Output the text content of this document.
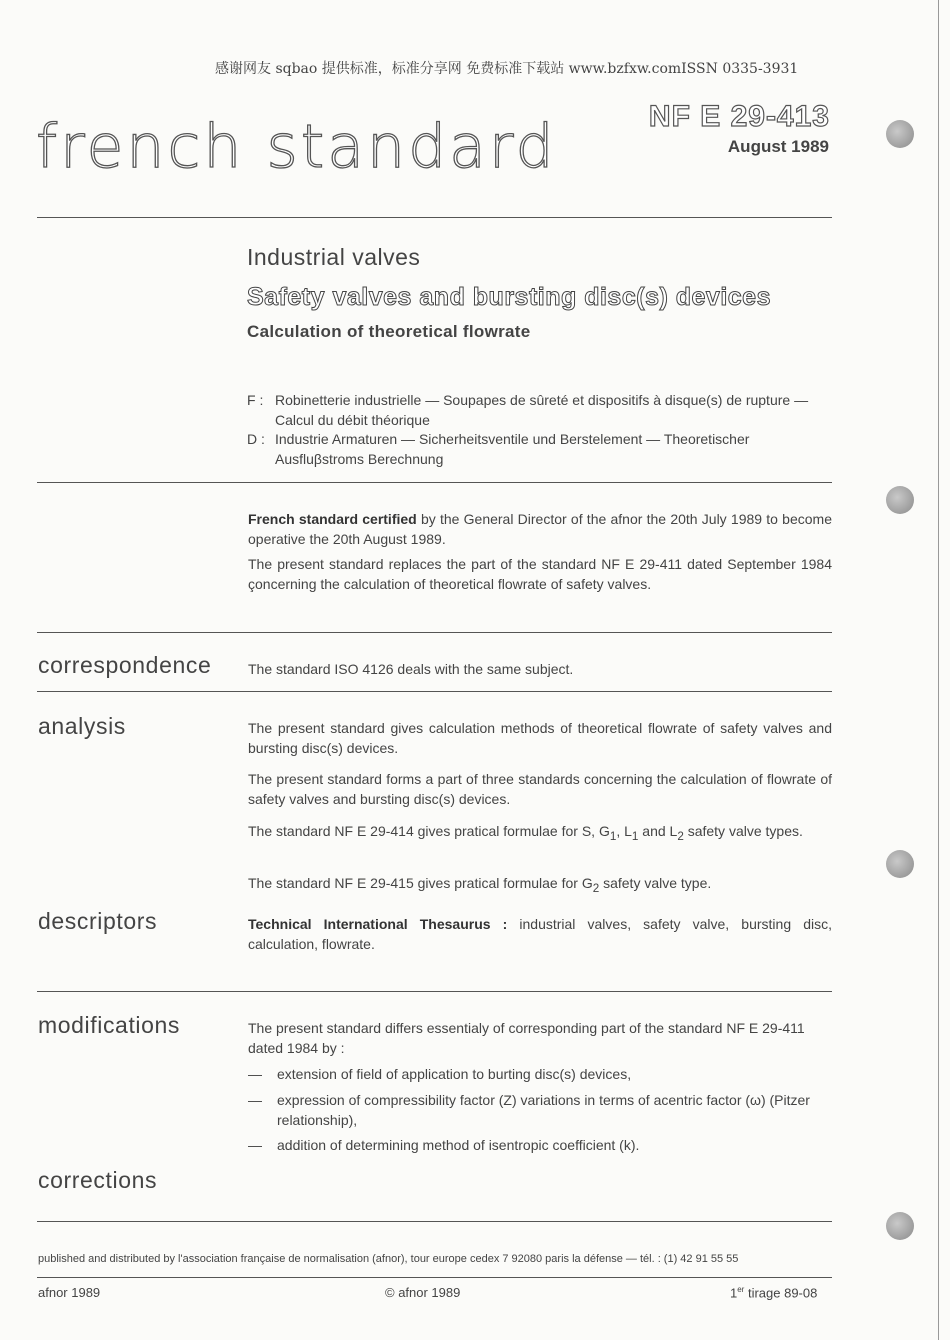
感谢网友 sqbao 提供标准，标准分享网 免费标准下载站 www.bzfxw.comISSN 0335-3931
french standard	NF E 29-413
August 1989
Industrial valves
Safety valves and bursting disc(s) devices
Calculation of theoretical flowrate
F : Robinetterie industrielle — Soupapes de sûreté et dispositifs à disque(s) de rupture — Calcul du débit théorique
D : Industrie Armaturen — Sicherheitsventile und Berstelement — Theoretischer Ausfluβstroms Berechnung
French standard certified by the General Director of the afnor the 20th July 1989 to become operative the 20th August 1989.
The present standard replaces the part of the standard NF E 29-411 dated September 1984 çoncerning the calculation of theoretical flowrate of safety valves.
correspondence	The standard ISO 4126 deals with the same subject.
analysis	The present standard gives calculation methods of theoretical flowrate of safety valves and bursting disc(s) devices.
The present standard forms a part of three standards concerning the calculation of flowrate of safety valves and bursting disc(s) devices.
The standard NF E 29-414 gives pratical formulae for S, $G_1$, $L_1$ and $L_2$ safety valve types.
The standard NF E 29-415 gives pratical formulae for $G_2$ safety valve type.
descriptors	Technical International Thesaurus : industrial valves, safety valve, bursting disc, calculation, flowrate.
modifications	The present standard differs essentialy of corresponding part of the standard NF E 29-411 dated 1984 by :
—	extension of field of application to burting disc(s) devices,
—	expression of compressibility factor (Z) variations in terms of acentric factor (ω) (Pitzer relationship),
—	addition of determining method of isentropic coefficient (k).
corrections
published and distributed by l'association française de normalisation (afnor), tour europe cedex 7 92080 paris la défense — tél. : (1) 42 91 55 55
afnor 1989	© afnor 1989	1er tirage 89-08
